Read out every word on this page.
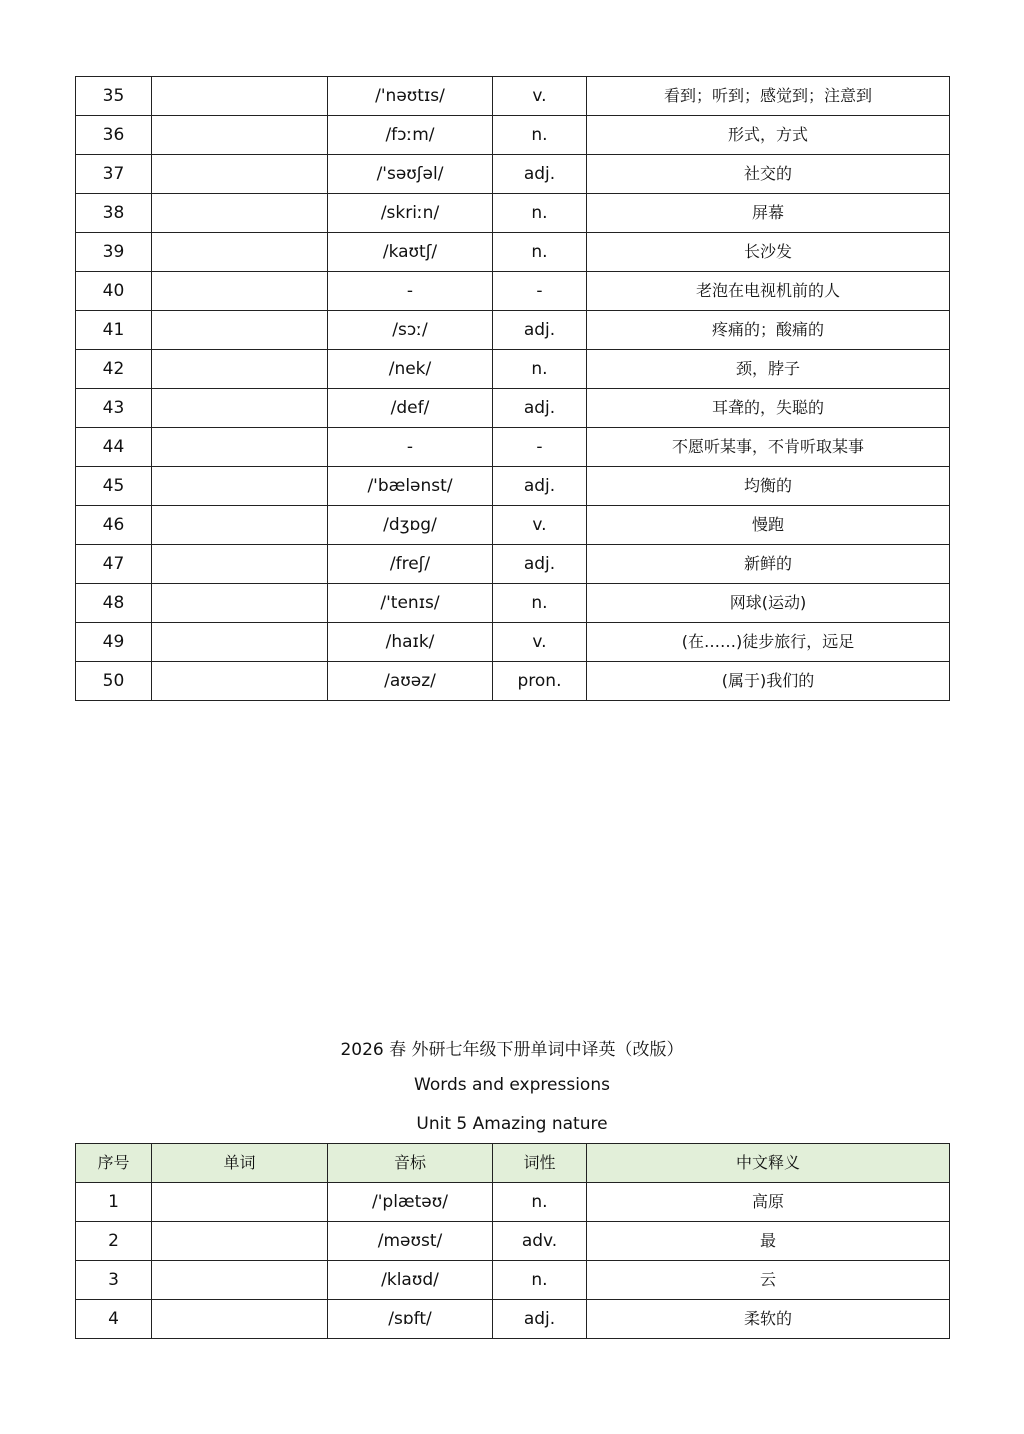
35		/'nəʊtɪs/	v.	看到；听到；感觉到；注意到
36		/fɔːm/	n.	形式，方式
37		/'səʊʃəl/	adj.	社交的
38		/skriːn/	n.	屏幕
39		/kaʊtʃ/	n.	长沙发
40		-	-	老泡在电视机前的人
41		/sɔː/	adj.	疼痛的；酸痛的
42		/nek/	n.	颈，脖子
43		/def/	adj.	耳聋的，失聪的
44		-	-	不愿听某事，不肯听取某事
45		/'bælənst/	adj.	均衡的
46		/dʒɒg/	v.	慢跑
47		/freʃ/	adj.	新鲜的
48		/'tenɪs/	n.	网球(运动)
49		/haɪk/	v.	(在……)徒步旅行，远足
50		/aʊəz/	pron.	(属于)我们的
2026 春 外研七年级下册单词中译英（改版）
Words and expressions
Unit 5 Amazing nature
序号	单词	音标	词性	中文释义
1		/'plætəʊ/	n.	高原
2		/məʊst/	adv.	最
3		/klaʊd/	n.	云
4		/sɒft/	adj.	柔软的
